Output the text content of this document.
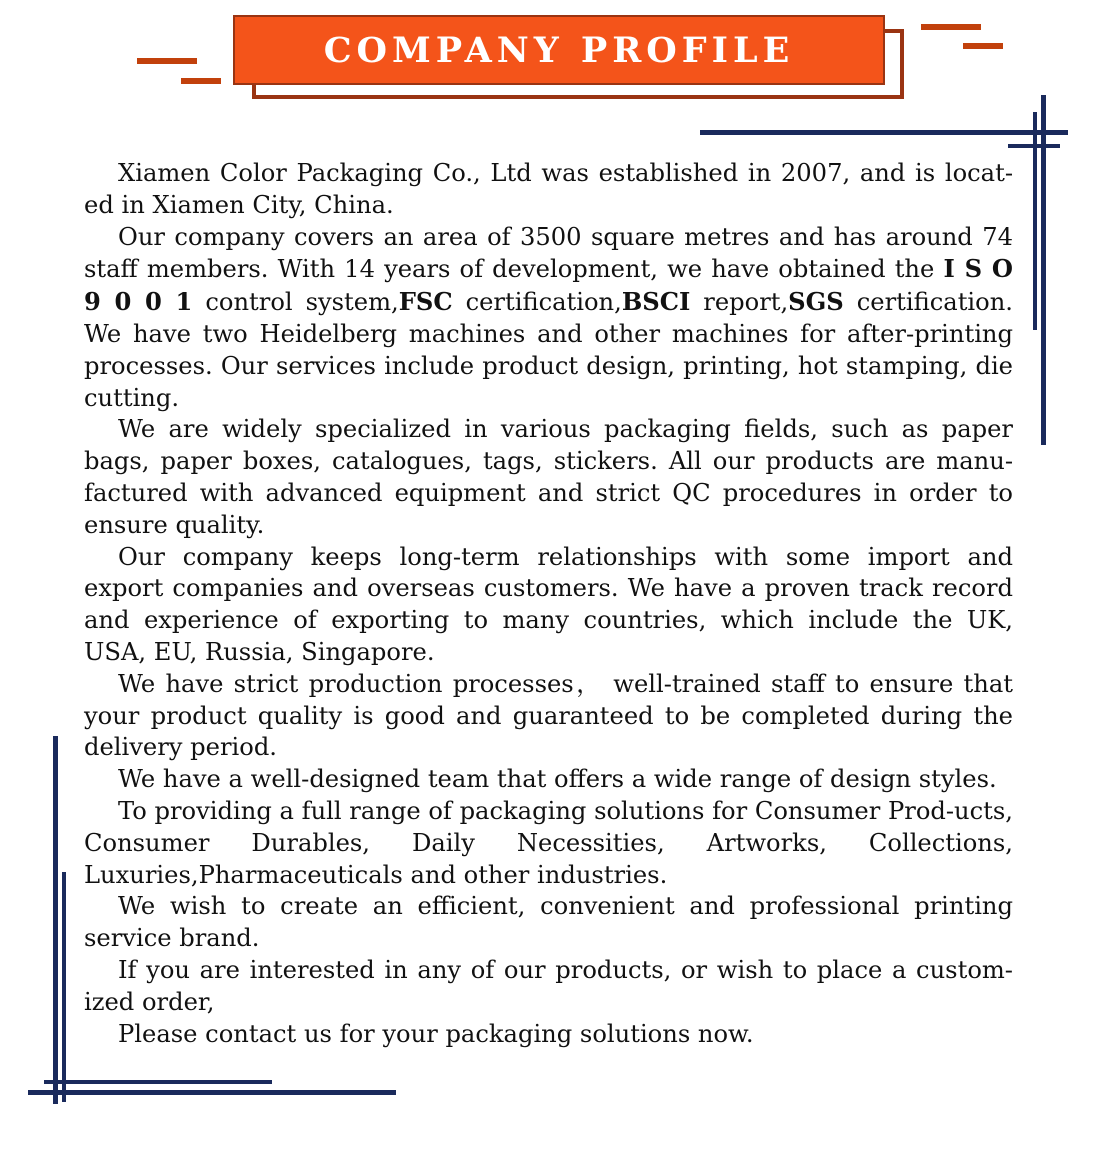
COMPANY PROFILE

Xiamen Color Packaging Co., Ltd was established in 2007, and is locat-ed in Xiamen City, China.

Our company covers an area of 3500 square metres and has around 74 staff members. With 14 years of development, we have obtained the I S O 9 0 0 1 control system,FSC certification,BSCI report,SGS certification. We have two Heidelberg machines and other machines for after-printing processes. Our services include product design, printing, hot stamping, die cutting.

We are widely specialized in various packaging fields, such as paper bags, paper boxes, catalogues, tags, stickers. All our products are manu-factured with advanced equipment and strict QC procedures in order to ensure quality.

Our company keeps long-term relationships with some import and export companies and overseas customers. We have a proven track record and experience of exporting to many countries, which include the UK, USA, EU, Russia, Singapore.

We have strict production processes， well-trained staff to ensure that your product quality is good and guaranteed to be completed during the delivery period.

We have a well-designed team that offers a wide range of design styles.

To providing a full range of packaging solutions for Consumer Prod-ucts, Consumer Durables, Daily Necessities, Artworks, Collections, Luxuries,Pharmaceuticals and other industries.

We wish to create an efficient, convenient and professional printing service brand.

If you are interested in any of our products, or wish to place a custom-ized order,

Please contact us for your packaging solutions now.
